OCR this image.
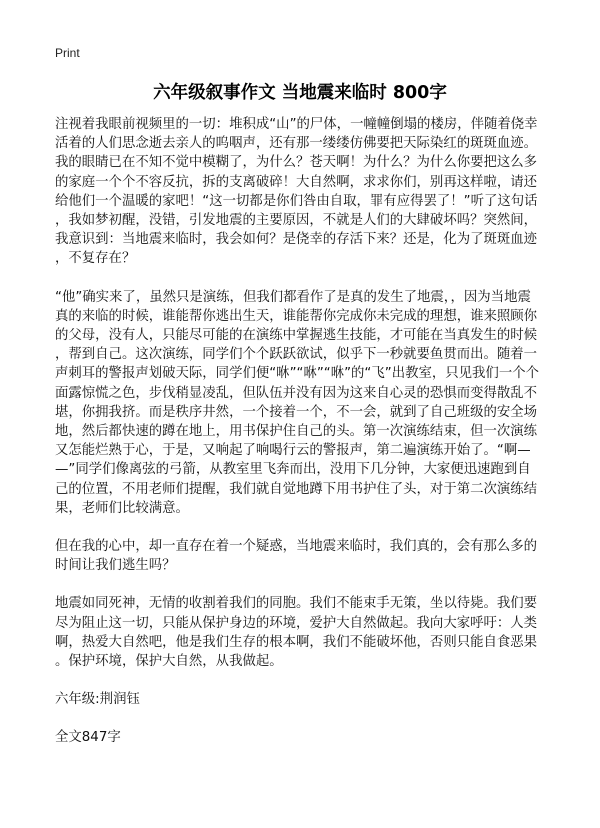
Print
六年级叙事作文 当地震来临时 800字

注视着我眼前视频里的一切：堆积成“山”的尸体，一幢幢倒塌的楼房，伴随着侥幸
活着的人们思念逝去亲人的呜咽声，还有那一缕缕仿佛要把天际染红的斑斑血迹。
我的眼睛已在不知不觉中模糊了，为什么？苍天啊！为什么？为什么你要把这么多
的家庭一个个不容反抗，拆的支离破碎！大自然啊，求求你们，别再这样啦，请还
给他们一个温暖的家吧！“这一切都是你们咎由自取，罪有应得罢了！”听了这句话
，我如梦初醒，没错，引发地震的主要原因，不就是人们的大肆破坏吗？突然间，
我意识到：当地震来临时，我会如何？是侥幸的存活下来？还是，化为了斑斑血迹
，不复存在？

“他”确实来了，虽然只是演练，但我们都看作了是真的发生了地震，，因为当地震
真的来临的时候，谁能帮你逃出生天，谁能帮你完成你未完成的理想，谁来照顾你
的父母，没有人，只能尽可能的在演练中掌握逃生技能，才可能在当真发生的时候
，帮到自己。这次演练，同学们个个跃跃欲试，似乎下一秒就要鱼贯而出。随着一
声刺耳的警报声划破天际，同学们便“咻”“咻”“咻”的“飞”出教室，只见我们一个个
面露惊慌之色，步伐稍显凌乱，但队伍并没有因为这来自心灵的恐惧而变得散乱不
堪，你拥我挤。而是秩序井然，一个接着一个，不一会，就到了自己班级的安全场
地，然后都快速的蹲在地上，用书保护住自己的头。第一次演练结束，但一次演练
又怎能烂熟于心，于是，又响起了响喝行云的警报声，第二遍演练开始了。“啊—
—”同学们像离弦的弓箭，从教室里飞奔而出，没用下几分钟，大家便迅速跑到自
己的位置，不用老师们提醒，我们就自觉地蹲下用书护住了头，对于第二次演练结
果，老师们比较满意。

但在我的心中，却一直存在着一个疑惑，当地震来临时，我们真的，会有那么多的
时间让我们逃生吗？

地震如同死神，无情的收割着我们的同胞。我们不能束手无策，坐以待毙。我们要
尽为阻止这一切，只能从保护身边的环境，爱护大自然做起。我向大家呼吁：人类
啊，热爱大自然吧，他是我们生存的根本啊，我们不能破坏他，否则只能自食恶果
。保护环境，保护大自然，从我做起。

六年级:荆润钰

全文847字
